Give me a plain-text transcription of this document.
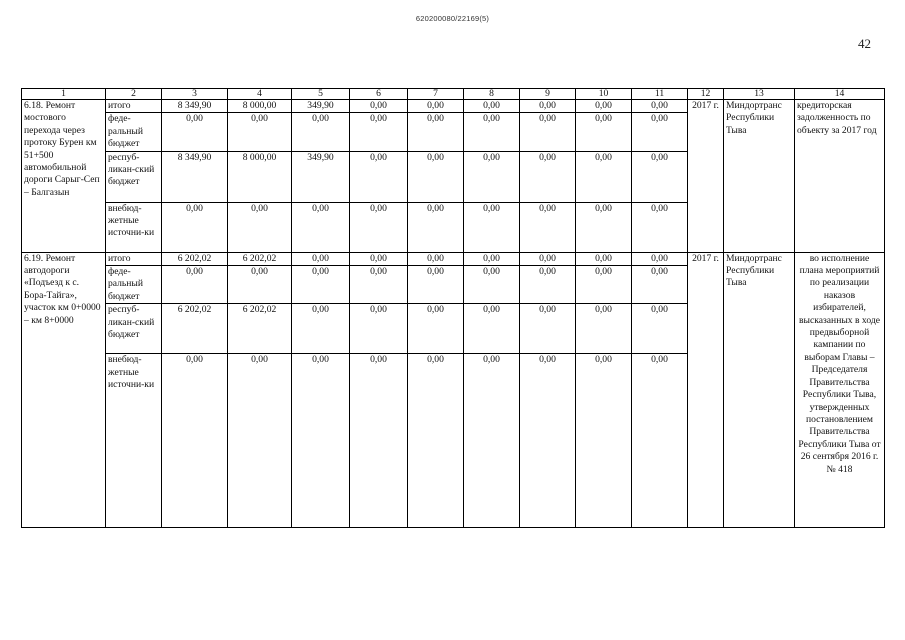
620200080/22169(5)
42
1	2	3	4	5	6	7	8	9	10	11	12	13	14
6.18. Ремонт мостового перехода через протоку Бурен км 51+500 автомобильной дороги Сарыг-Сеп – Балгазын	итого	8 349,90	8 000,00	349,90	0,00	0,00	0,00	0,00	0,00	0,00	2017 г.	Миндортранс Республики Тыва	кредиторская задолженность по объекту за 2017 год
	феде-ральный бюджет	0,00	0,00	0,00	0,00	0,00	0,00	0,00	0,00	0,00			
	респуб-ликан-ский бюджет	8 349,90	8 000,00	349,90	0,00	0,00	0,00	0,00	0,00	0,00			
	внебюд-жетные источни-ки	0,00	0,00	0,00	0,00	0,00	0,00	0,00	0,00	0,00			
6.19. Ремонт автодороги «Подъезд к с. Бора-Тайга», участок км 0+0000 – км 8+0000	итого	6 202,02	6 202,02	0,00	0,00	0,00	0,00	0,00	0,00	0,00	2017 г.	Миндортранс Республики Тыва	во исполнение плана мероприятий по реализации наказов избирателей, высказанных в ходе предвыборной кампании по выборам Главы – Председателя Правительства Республики Тыва, утвержденных постановлением Правительства Республики Тыва от 26 сентября 2016 г. № 418
	феде-ральный бюджет	0,00	0,00	0,00	0,00	0,00	0,00	0,00	0,00	0,00			
	респуб-ликан-ский бюджет	6 202,02	6 202,02	0,00	0,00	0,00	0,00	0,00	0,00	0,00			
	внебюд-жетные источни-ки	0,00	0,00	0,00	0,00	0,00	0,00	0,00	0,00	0,00			
